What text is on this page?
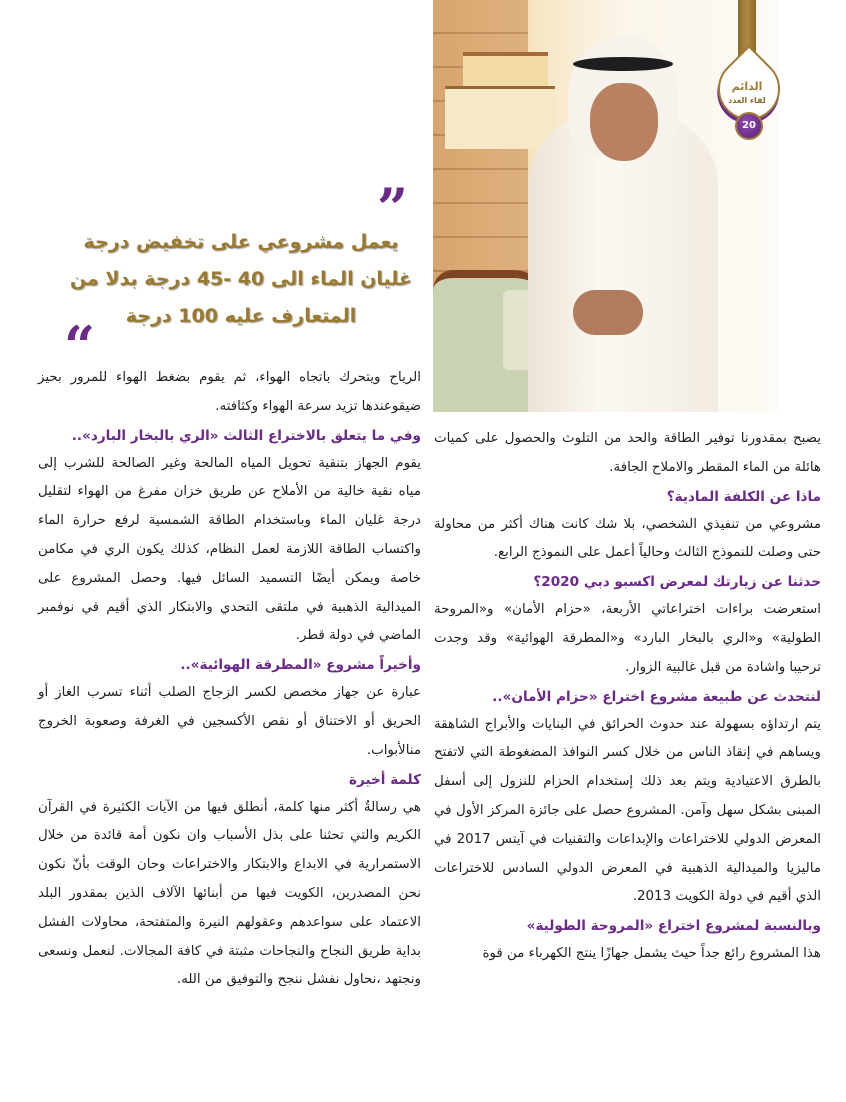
الدائم
لقاء العدد
20
”
يعمل مشروعي على تخفيض درجة غليان الماء الى 40 -45 درجة بدلا من المتعارف عليه 100 درجة
“

الرياح ويتحرك باتجاه الهواء، ثم يقوم بضغط الهواء للمرور بحيز ضيقوعندها تزيد سرعة الهواء وكثافته.

وفي ما يتعلق بالاختراع الثالث «الري بالبخار البارد»..

يقوم الجهاز بتنقية تحويل المياه المالحة وغير الصالحة للشرب إلى مياه نقية خالية من الأملاح عن طريق خزان مفرغ من الهواء لتقليل درجة غليان الماء وباستخدام الطاقة الشمسية لرفع حرارة الماء واكتساب الطاقة اللازمة لعمل النظام، كذلك يكون الري في مكامن خاصة ويمكن أيضًا التسميد السائل فيها. وحصل المشروع على الميدالية الذهبية في ملتقى التحدي والابتكار الذي أقيم في نوفمبر الماضي في دولة قطر.

وأخيراً مشروع «المطرقة الهوائية»..

عبارة عن جهاز مخصص لكسر الزجاج الصلب أثناء تسرب الغاز أو الحريق أو الاختناق أو نقص الأكسجين في الغرفة وصعوبة الخروج منالأبواب.

كلمة أخيرة

هي رسالةٌ أكثر منها كلمة، أنطلق فيها من الآيات الكثيرة في القرآن الكريم والتي تحثنا على بذل الأسباب وان نكون أمة قائدة من خلال الاستمرارية في الابداع والابتكار والاختراعات وحان الوقت بأنّ نكون نحن المصدرين، الكويت فيها من أبنائها الآلاف الذين بمقدور البلد الاعتماد على سواعدهم وعقولهم النيرة والمتفتحة، محاولات الفشل بداية طريق النجاح والنجاحات مثبتة في كافة المجالات. لنعمل ونسعى ونجتهد ،نحاول نفشل ننجح والتوفيق من الله.

يصبح بمقدورنا توفير الطاقة والحد من التلوث والحصول على كميات هائلة من الماء المقطر والاملاح الجافة.

ماذا عن الكلفة المادية؟

مشروعي من تنفيذي الشخصي، بلا شك كانت هناك أكثر من محاولة حتى وصلت للنموذج الثالث وحالياً أعمل على النموذج الرابع.

حدثنا عن زيارتك لمعرض اكسبو دبي 2020؟

استعرضت براءات اختراعاتي الأربعة، «حزام الأمان» و«المروحة الطولية» و«الري بالبخار البارد» و«المطرقة الهوائية» وقد وجدت ترحيبا واشادة من قبل غالبية الزوار.

لنتحدث عن طبيعة مشروع اختراع «حزام الأمان»..

يتم ارتداؤه بسهولة عند حدوث الحرائق في البنايات والأبراج الشاهقة ويساهم في إنقاذ الناس من خلال كسر النوافذ المضغوطة التي لاتفتح بالطرق الاعتيادية ويتم بعد ذلك إستخدام الحزام للنزول إلى أسفل المبنى بشكل سهل وآمن. المشروع حصل على جائزة المركز الأول في المعرض الدولي للاختراعات والإبداعات والتقنيات في آيتس 2017 في ماليزيا والميدالية الذهبية في المعرض الدولي السادس للاختراعات الذي أقيم في دولة الكويت 2013.

وبالنسبة لمشروع اختراع «المروحة الطولية»

هذا المشروع رائع جداً حيث يشمل جهازًا ينتج الكهرباء من قوة
